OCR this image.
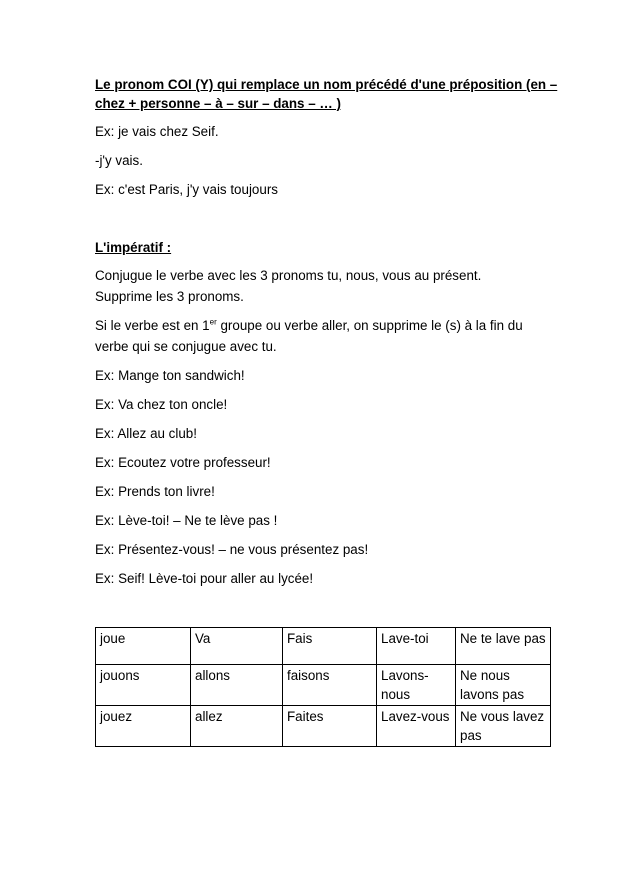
Le pronom COI (Y) qui remplace un nom précédé d'une préposition (en – chez + personne – à – sur – dans – … )
Ex: je vais chez Seif.
-j'y vais.
Ex: c'est Paris, j'y vais toujours
L'impératif :
Conjugue le verbe avec les 3 pronoms tu, nous, vous au présent.
Supprime les 3 pronoms.
Si le verbe est en 1er groupe ou verbe aller, on supprime le (s) à la fin du
verbe qui se conjugue avec tu.
Ex: Mange ton sandwich!
Ex: Va chez ton oncle!
Ex: Allez au club!
Ex: Ecoutez votre professeur!
Ex: Prends ton livre!
Ex: Lève-toi! – Ne te lève pas !
Ex: Présentez-vous! – ne vous présentez pas!
Ex: Seif! Lève-toi pour aller au lycée!
joue	Va	Fais	Lave-toi	Ne te lave pas
jouons	allons	faisons	Lavons-nous	Ne nous lavons pas
jouez	allez	Faites	Lavez-vous	Ne vous lavez pas
